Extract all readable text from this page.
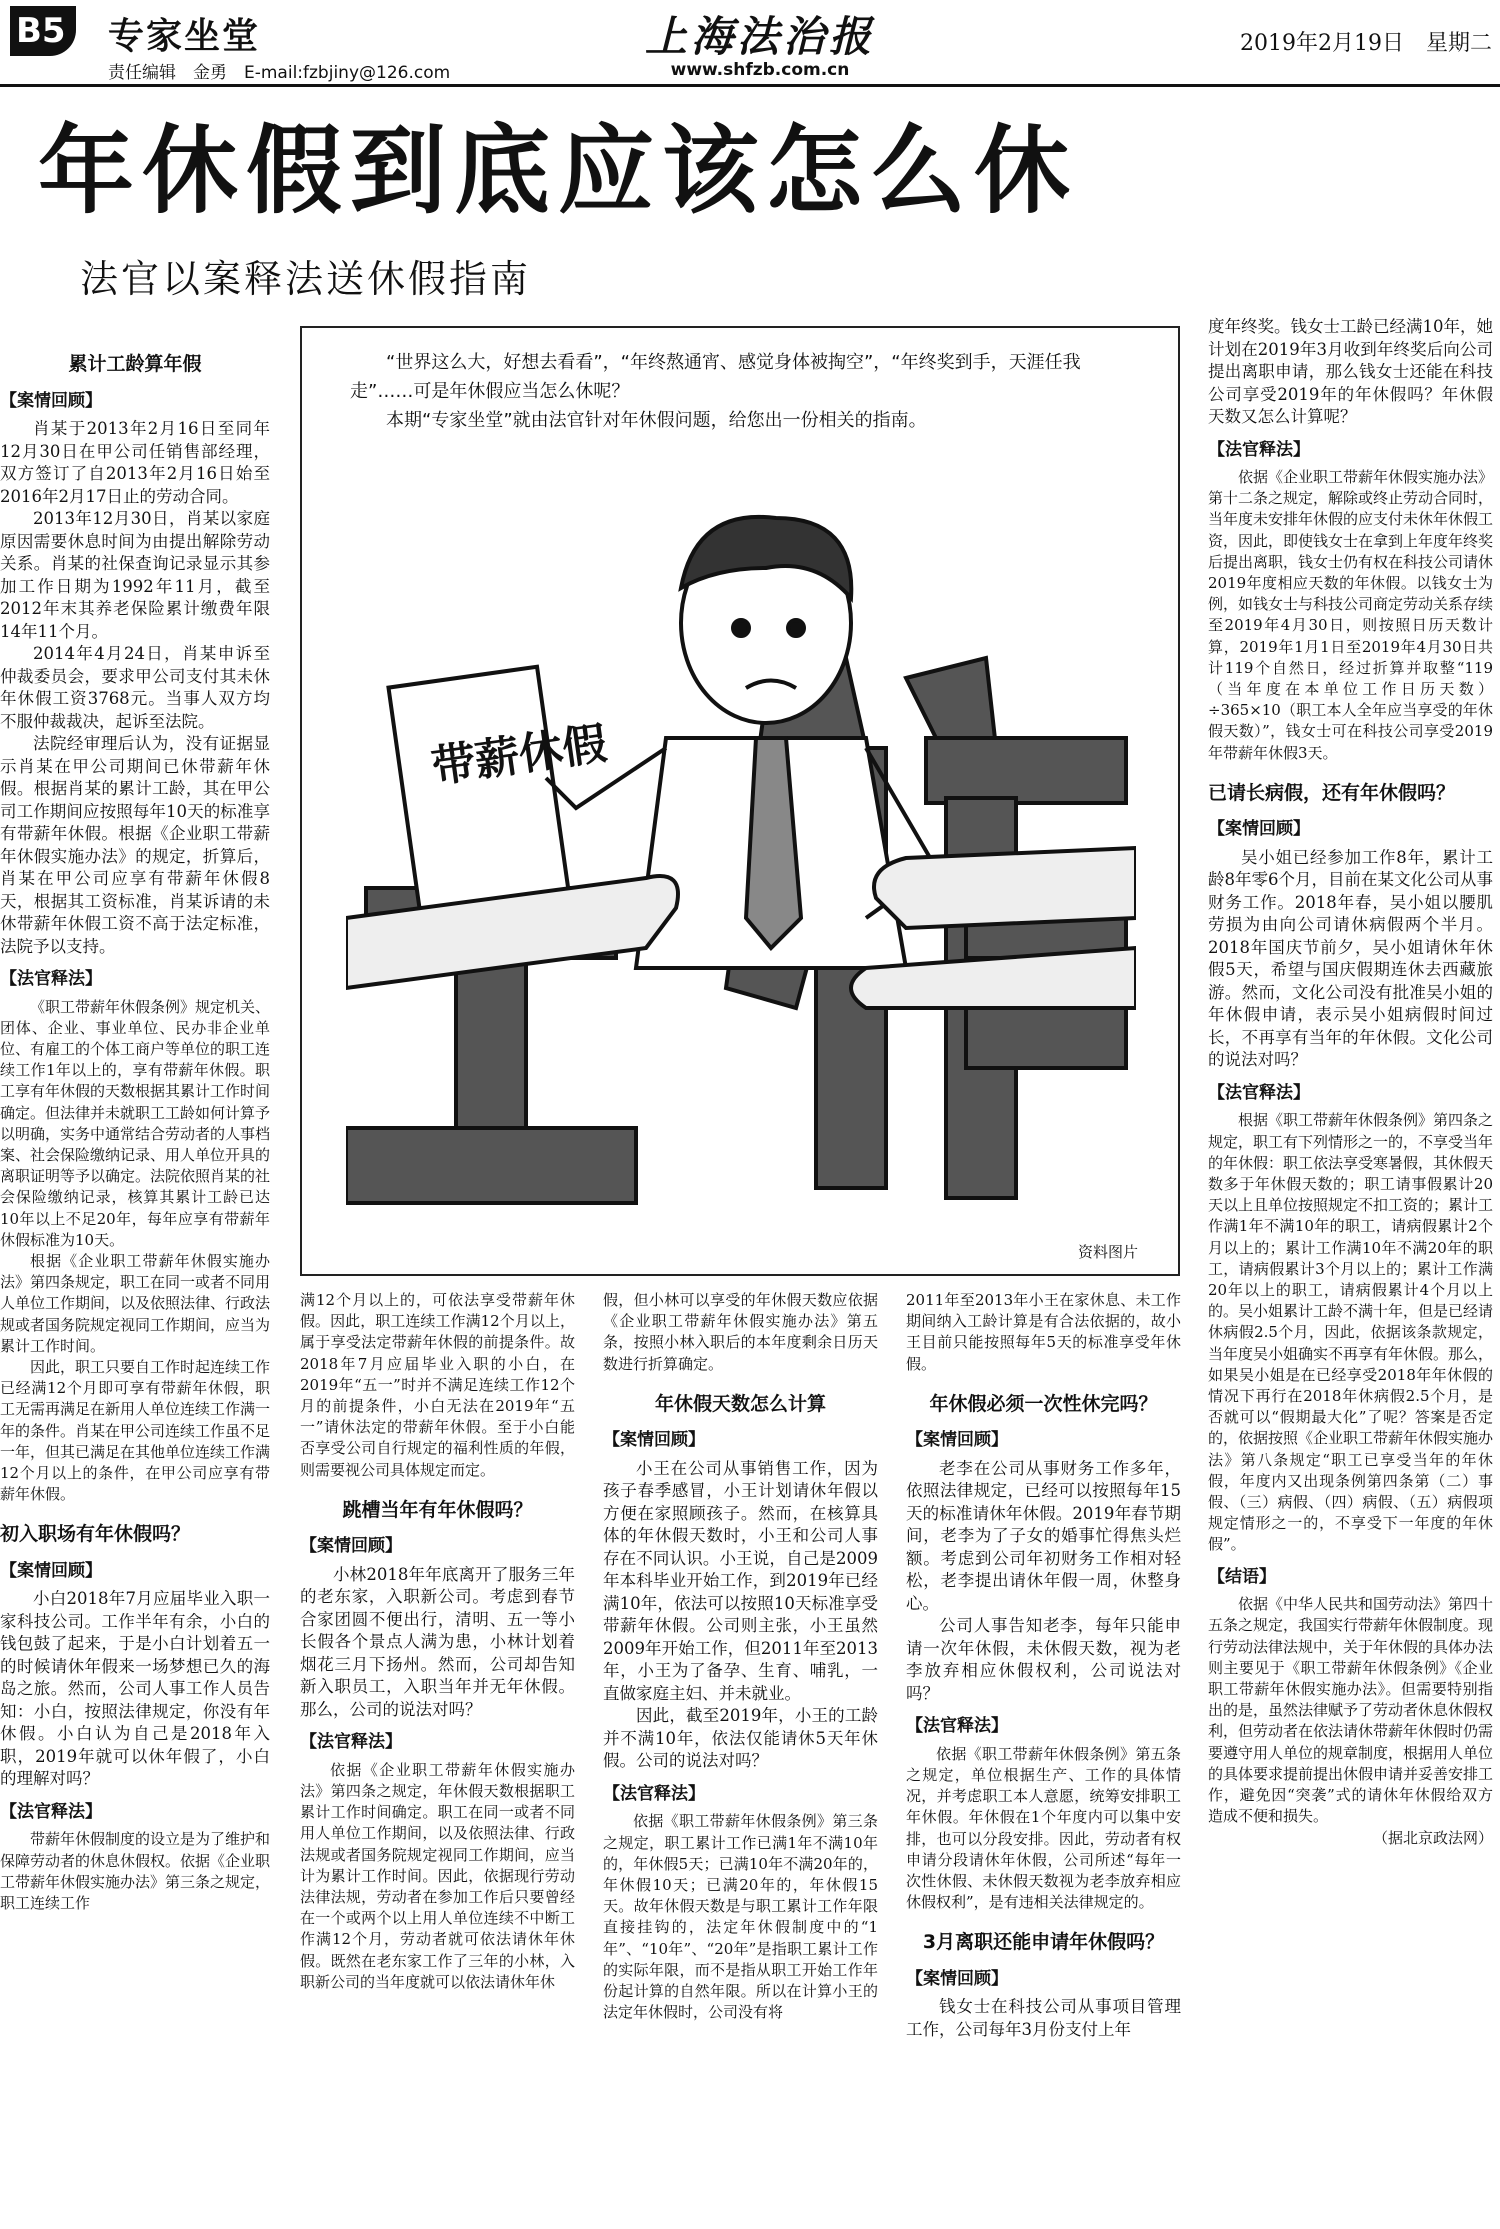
B5 专家坐堂
责任编辑　金勇　E-mail:fzbjiny@126.com
上海法治报
www.shfzb.com.cn
2019年2月19日　星期二
年休假到底应该怎么休
法官以案释法送休假指南
累计工龄算年假
【案情回顾】

肖某于2013年2月16日至同年12月30日在甲公司任销售部经理，双方签订了自2013年2月16日始至2016年2月17日止的劳动合同。

2013年12月30日，肖某以家庭原因需要休息时间为由提出解除劳动关系。肖某的社保查询记录显示其参加工作日期为1992年11月，截至2012年末其养老保险累计缴费年限14年11个月。

2014年4月24日，肖某申诉至仲裁委员会，要求甲公司支付其未休年休假工资3768元。当事人双方均不服仲裁裁决，起诉至法院。

法院经审理后认为，没有证据显示肖某在甲公司期间已休带薪年休假。根据肖某的累计工龄，其在甲公司工作期间应按照每年10天的标准享有带薪年休假。根据《企业职工带薪年休假实施办法》的规定，折算后，肖某在甲公司应享有带薪年休假8天，根据其工资标准，肖某诉请的未休带薪年休假工资不高于法定标准，法院予以支持。

【法官释法】

《职工带薪年休假条例》规定机关、团体、企业、事业单位、民办非企业单位、有雇工的个体工商户等单位的职工连续工作1年以上的，享有带薪年休假。职工享有年休假的天数根据其累计工作时间确定。但法律并未就职工工龄如何计算予以明确，实务中通常结合劳动者的人事档案、社会保险缴纳记录、用人单位开具的离职证明等予以确定。法院依照肖某的社会保险缴纳记录，核算其累计工龄已达10年以上不足20年，每年应享有带薪年休假标准为10天。

根据《企业职工带薪年休假实施办法》第四条规定，职工在同一或者不同用人单位工作期间，以及依照法律、行政法规或者国务院规定视同工作期间，应当为累计工作时间。

因此，职工只要自工作时起连续工作已经满12个月即可享有带薪年休假，职工无需再满足在新用人单位连续工作满一年的条件。肖某在甲公司连续工作虽不足一年，但其已满足在其他单位连续工作满12个月以上的条件，在甲公司应享有带薪年休假。

初入职场有年休假吗？
【案情回顾】

小白2018年7月应届毕业入职一家科技公司。工作半年有余，小白的钱包鼓了起来，于是小白计划着五一的时候请休年假来一场梦想已久的海岛之旅。然而，公司人事工作人员告知：小白，按照法律规定，你没有年休假。小白认为自己是2018年入职，2019年就可以休年假了，小白的理解对吗？

【法官释法】

带薪年休假制度的设立是为了维护和保障劳动者的休息休假权。依据《企业职工带薪年休假实施办法》第三条之规定，职工连续工作

“世界这么大，好想去看看”，“年终熬通宵、感觉身体被掏空”，“年终奖到手，天涯任我走”……可是年休假应当怎么休呢？

本期“专家坐堂”就由法官针对年休假问题，给您出一份相关的指南。

带薪休假
资料图片

满12个月以上的，可依法享受带薪年休假。因此，职工连续工作满12个月以上，属于享受法定带薪年休假的前提条件。故2018年7月应届毕业入职的小白，在2019年“五一”时并不满足连续工作12个月的前提条件，小白无法在2019年“五一”请休法定的带薪年休假。至于小白能否享受公司自行规定的福利性质的年假，则需要视公司具体规定而定。

跳槽当年有年休假吗？
【案情回顾】

小林2018年年底离开了服务三年的老东家，入职新公司。考虑到春节合家团圆不便出行，清明、五一等小长假各个景点人满为患，小林计划着烟花三月下扬州。然而，公司却告知新入职员工，入职当年并无年休假。那么，公司的说法对吗？

【法官释法】

依据《企业职工带薪年休假实施办法》第四条之规定，年休假天数根据职工累计工作时间确定。职工在同一或者不同用人单位工作期间，以及依照法律、行政法规或者国务院规定视同工作期间，应当计为累计工作时间。因此，依据现行劳动法律法规，劳动者在参加工作后只要曾经在一个或两个以上用人单位连续不中断工作满12个月，劳动者就可依法请休年休假。既然在老东家工作了三年的小林，入职新公司的当年度就可以依法请休年休

假，但小林可以享受的年休假天数应依据《企业职工带薪年休假实施办法》第五条，按照小林入职后的本年度剩余日历天数进行折算确定。

年休假天数怎么计算
【案情回顾】

小王在公司从事销售工作，因为孩子春季感冒，小王计划请休年假以方便在家照顾孩子。然而，在核算具体的年休假天数时，小王和公司人事存在不同认识。小王说，自己是2009年本科毕业开始工作，到2019年已经满10年，依法可以按照10天标准享受带薪年休假。公司则主张，小王虽然2009年开始工作，但2011年至2013年，小王为了备孕、生育、哺乳，一直做家庭主妇、并未就业。

因此，截至2019年，小王的工龄并不满10年，依法仅能请休5天年休假。公司的说法对吗？

【法官释法】

依据《职工带薪年休假条例》第三条之规定，职工累计工作已满1年不满10年的，年休假5天；已满10年不满20年的，年休假10天；已满20年的，年休假15天。故年休假天数是与职工累计工作年限直接挂钩的，法定年休假制度中的“1年”、“10年”、“20年”是指职工累计工作的实际年限，而不是指从职工开始工作年份起计算的自然年限。所以在计算小王的法定年休假时，公司没有将

2011年至2013年小王在家休息、未工作期间纳入工龄计算是有合法依据的，故小王目前只能按照每年5天的标准享受年休假。

年休假必须一次性休完吗？
【案情回顾】

老李在公司从事财务工作多年，依照法律规定，已经可以按照每年15天的标准请休年休假。2019年春节期间，老李为了子女的婚事忙得焦头烂额。考虑到公司年初财务工作相对轻松，老李提出请休年假一周，休整身心。

公司人事告知老李，每年只能申请一次年休假，未休假天数，视为老李放弃相应休假权利，公司说法对吗？

【法官释法】

依据《职工带薪年休假条例》第五条之规定，单位根据生产、工作的具体情况，并考虑职工本人意愿，统筹安排职工年休假。年休假在1个年度内可以集中安排，也可以分段安排。因此，劳动者有权申请分段请休年休假，公司所述“每年一次性休假、未休假天数视为老李放弃相应休假权利”，是有违相关法律规定的。

3月离职还能申请年休假吗？
【案情回顾】

钱女士在科技公司从事项目管理工作，公司每年3月份支付上年

度年终奖。钱女士工龄已经满10年，她计划在2019年3月收到年终奖后向公司提出离职申请，那么钱女士还能在科技公司享受2019年的年休假吗？年休假天数又怎么计算呢？

【法官释法】

依据《企业职工带薪年休假实施办法》第十二条之规定，解除或终止劳动合同时，当年度未安排年休假的应支付未休年休假工资，因此，即使钱女士在拿到上年度年终奖后提出离职，钱女士仍有权在科技公司请休2019年度相应天数的年休假。以钱女士为例，如钱女士与科技公司商定劳动关系存续至2019年4月30日，则按照日历天数计算，2019年1月1日至2019年4月30日共计119个自然日，经过折算并取整“119（当年度在本单位工作日历天数）÷365×10（职工本人全年应当享受的年休假天数）”，钱女士可在科技公司享受2019年带薪年休假3天。

已请长病假，还有年休假吗？
【案情回顾】

吴小姐已经参加工作8年，累计工龄8年零6个月，目前在某文化公司从事财务工作。2018年春，吴小姐以腰肌劳损为由向公司请休病假两个半月。2018年国庆节前夕，吴小姐请休年休假5天，希望与国庆假期连休去西藏旅游。然而，文化公司没有批准吴小姐的年休假申请，表示吴小姐病假时间过长，不再享有当年的年休假。文化公司的说法对吗？

【法官释法】

根据《职工带薪年休假条例》第四条之规定，职工有下列情形之一的，不享受当年的年休假：职工依法享受寒暑假，其休假天数多于年休假天数的；职工请事假累计20天以上且单位按照规定不扣工资的；累计工作满1年不满10年的职工，请病假累计2个月以上的；累计工作满10年不满20年的职工，请病假累计3个月以上的；累计工作满20年以上的职工，请病假累计4个月以上的。吴小姐累计工龄不满十年，但是已经请休病假2.5个月，因此，依据该条款规定，当年度吴小姐确实不再享有年休假。那么，如果吴小姐是在已经享受2018年年休假的情况下再行在2018年休病假2.5个月，是否就可以“假期最大化”了呢？答案是否定的，依据按照《企业职工带薪年休假实施办法》第八条规定“职工已享受当年的年休假，年度内又出现条例第四条第（二）事假、（三）病假、（四）病假、（五）病假项规定情形之一的，不享受下一年度的年休假”。

【结语】

依据《中华人民共和国劳动法》第四十五条之规定，我国实行带薪年休假制度。现行劳动法律法规中，关于年休假的具体办法则主要见于《职工带薪年休假条例》《企业职工带薪年休假实施办法》。但需要特别指出的是，虽然法律赋予了劳动者休息休假权利，但劳动者在依法请休带薪年休假时仍需要遵守用人单位的规章制度，根据用人单位的具体要求提前提出休假申请并妥善安排工作，避免因“突袭”式的请休年休假给双方造成不便和损失。

（据北京政法网）
